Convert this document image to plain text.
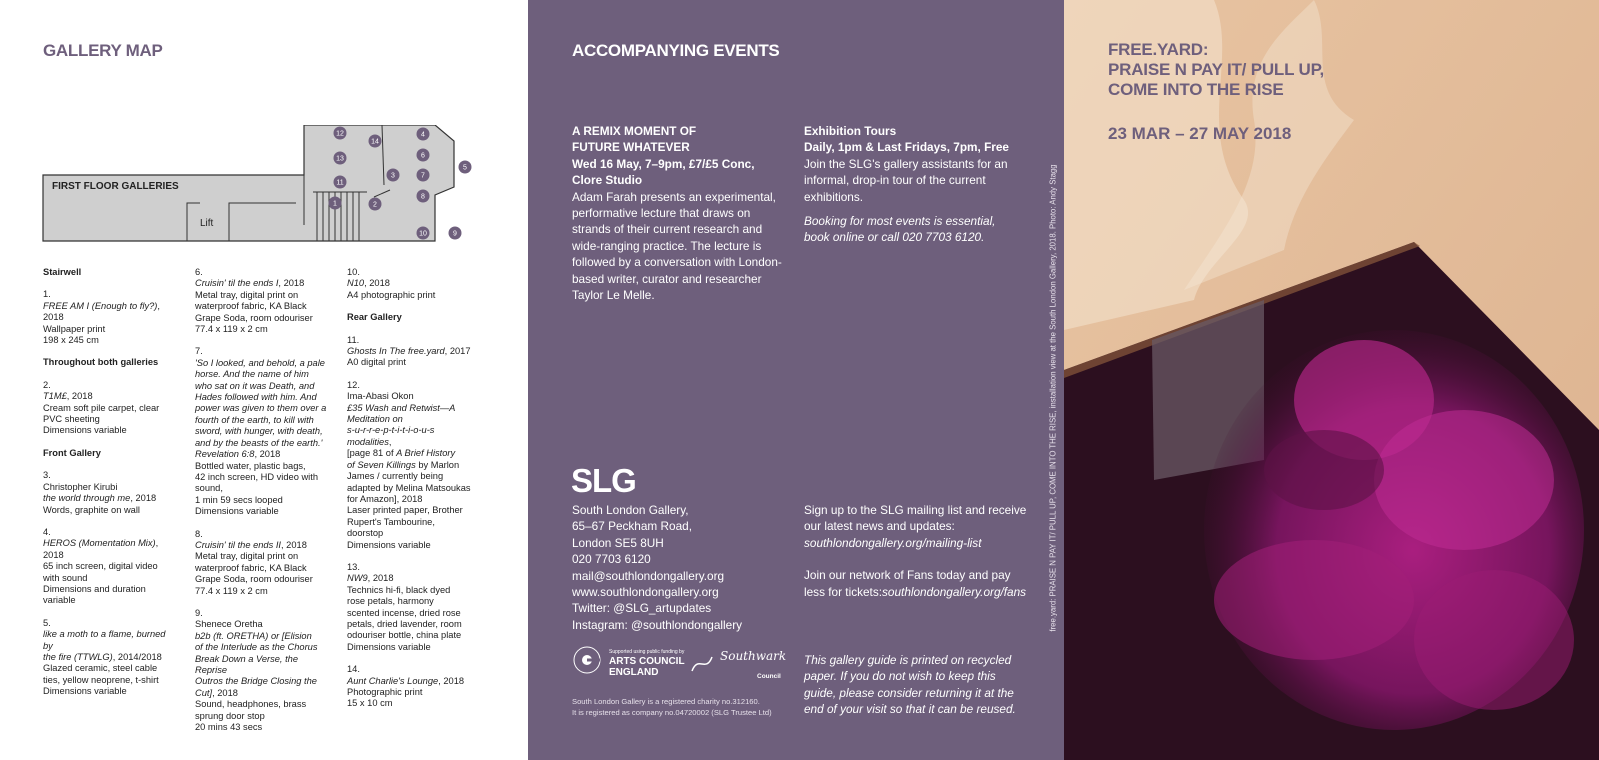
GALLERY MAP
FIRST FLOOR GALLERIES
Lift
12
14
4
13	6
5
11
3	7
1	2
8
10	9
Stairwell
1.
FREE AM I (Enough to fly?),
2018
Wallpaper print
198 x 245 cm
Throughout both galleries
2.
T1M£, 2018
Cream soft pile carpet, clear
PVC sheeting
Dimensions variable
Front Gallery
3.
Christopher Kirubi
the world through me, 2018
Words, graphite on wall
4.
HEROS (Momentation Mix),
2018
65 inch screen, digital video
with sound
Dimensions and duration
variable
5.
like a moth to a flame, burned by
the fire (TTWLG), 2014/2018
Glazed ceramic, steel cable
ties, yellow neoprene, t-shirt
Dimensions variable
6.
Cruisin' til the ends I, 2018
Metal tray, digital print on
waterproof fabric, KA Black
Grape Soda, room odouriser
77.4 x 119 x 2 cm
7.
'So I looked, and behold, a pale
horse. And the name of him
who sat on it was Death, and
Hades followed with him. And
power was given to them over a
fourth of the earth, to kill with
sword, with hunger, with death,
and by the beasts of the earth.'
Revelation 6:8, 2018
Bottled water, plastic bags,
42 inch screen, HD video with
sound,
1 min 59 secs looped
Dimensions variable
8.
Cruisin' til the ends II, 2018
Metal tray, digital print on
waterproof fabric, KA Black
Grape Soda, room odouriser
77.4 x 119 x 2 cm
9.
Shenece Oretha
b2b (ft. ORETHA) or [Elision
of the Interlude as the Chorus
Break Down a Verse, the Reprise
Outros the Bridge Closing the
Cut], 2018
Sound, headphones, brass
sprung door stop
20 mins 43 secs
10.
N10, 2018
A4 photographic print
Rear Gallery
11.
Ghosts In The free.yard, 2017
A0 digital print
12.
Ima-Abasi Okon
£35 Wash and Retwist—A
Meditation on
s-u-r-r-e-p-t-i-t-i-o-u-s
modalities,
[page 81 of A Brief History
of Seven Killings by Marlon
James / currently being
adapted by Melina Matsoukas
for Amazon], 2018
Laser printed paper, Brother
Rupert's Tambourine,
doorstop
Dimensions variable
13.
NW9, 2018
Technics hi-fi, black dyed
rose petals, harmony
scented incense, dried rose
petals, dried lavender, room
odouriser bottle, china plate
Dimensions variable
14.
Aunt Charlie's Lounge, 2018
Photographic print
15 x 10 cm
ACCOMPANYING EVENTS
A REMIX MOMENT OF
FUTURE WHATEVER
Wed 16 May, 7–9pm, £7/£5 Conc,
Clore Studio
Adam Farah presents an experimental, performative lecture that draws on strands of their current research and wide-ranging practice. The lecture is followed by a conversation with London-based writer, curator and researcher Taylor Le Melle.
Exhibition Tours
Daily, 1pm & Last Fridays, 7pm, Free
Join the SLG's gallery assistants for an informal, drop-in tour of the current exhibitions.
Booking for most events is essential, book online or call 020 7703 6120.
SLG
South London Gallery,
65–67 Peckham Road,
London SE5 8UH
020 7703 6120
mail@southlondongallery.org
www.southlondongallery.org
Twitter: @SLG_artupdates
Instagram: @southlondongallery
Sign up to the SLG mailing list and receive our latest news and updates:
southlondongallery.org/mailing-list
Join our network of Fans today and pay less for tickets:southlondongallery.org/fans
This gallery guide is printed on recycled paper. If you do not wish to keep this guide, please consider returning it at the end of your visit so that it can be reused.
Supported using public funding by
ARTS COUNCIL
ENGLAND
Southwark
Council
South London Gallery is a registered charity no.312160.
It is registered as company no.04720002 (SLG Trustee Ltd)
FREE.YARD:
PRAISE N PAY IT/ PULL UP,
COME INTO THE RISE
23 MAR – 27 MAY 2018
free.yard: PRAISE N PAY IT/ PULL UP, COME INTO THE RISE, installation view at the South London Gallery, 2018. Photo: Andy Stagg
